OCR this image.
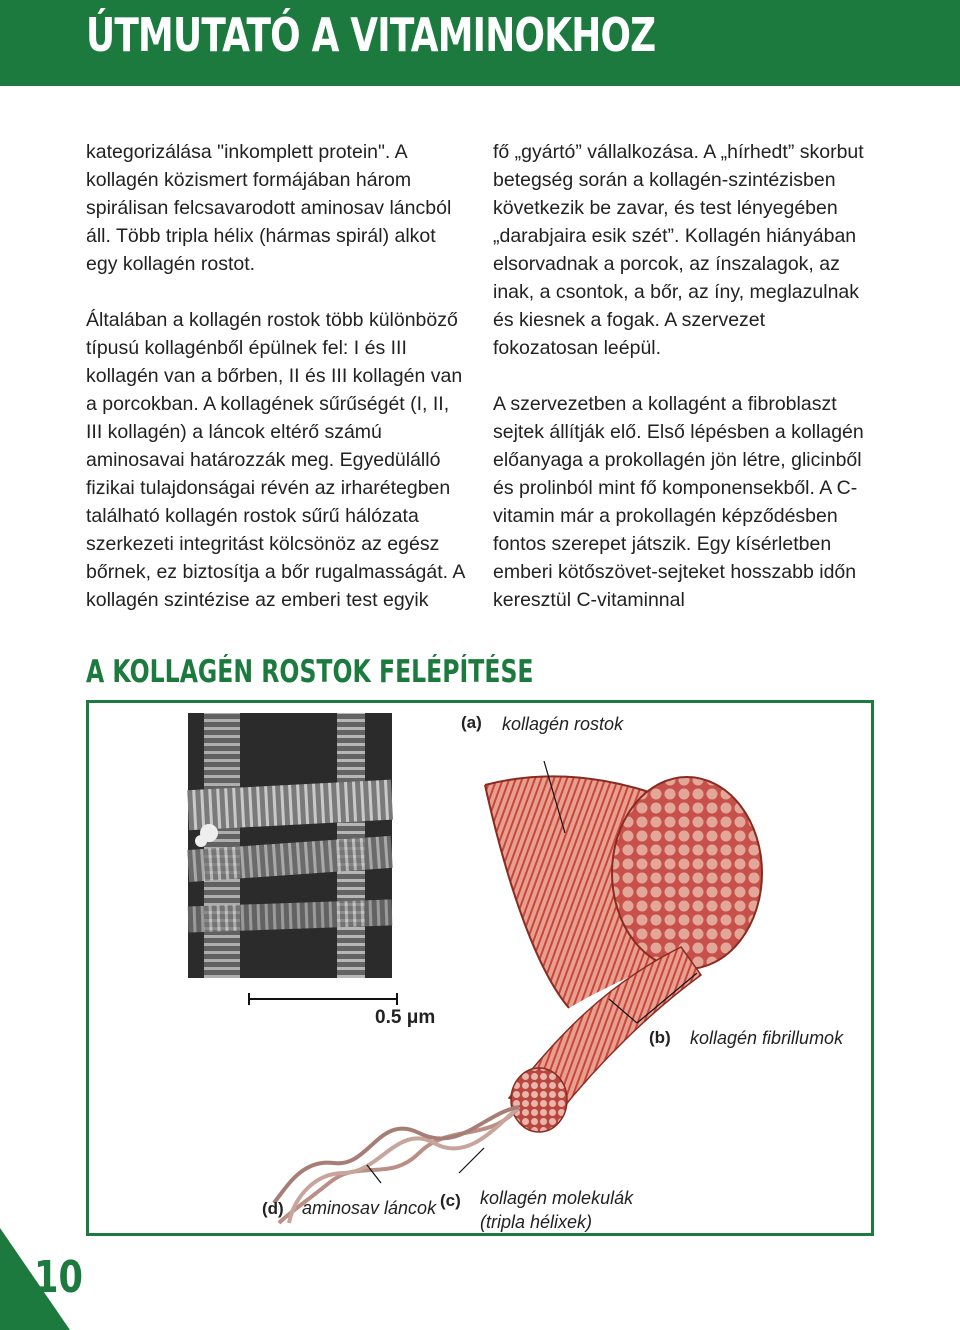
ÚTMUTATÓ A VITAMINOKHOZ

kategorizálása "inkomplett protein". A kollagén közismert formájában három spirálisan felcsavarodott aminosav láncból áll. Több tripla hélix (hármas spirál) alkot egy kollagén rostot.

Általában a kollagén rostok több különböző típusú kollagénből épülnek fel: I és III kollagén van a bőrben, II és III kollagén van a porcokban. A kollagének sűrűségét (I, II, III kollagén) a láncok eltérő számú aminosavai határozzák meg. Egyedülálló fizikai tulajdonságai révén az irharétegben található kollagén rostok sűrű hálózata szerkezeti integritást kölcsönöz az egész bőrnek, ez biztosítja a bőr rugalmasságát. A kollagén szintézise az emberi test egyik

fő „gyártó” vállalkozása. A „hírhedt” skorbut betegség során a kollagén-szintézisben következik be zavar, és test lényegében „darabjaira esik szét”. Kollagén hiányában elsorvadnak a porcok, az ínszalagok, az inak, a csontok, a bőr, az íny, meglazulnak és kiesnek a fogak. A szervezet fokozatosan leépül.

A szervezetben a kollagént a fibroblaszt sejtek állítják elő. Első lépésben a kollagén előanyaga a prokollagén jön létre, glicinből és prolinból mint fő komponensekből. A C-vitamin már a prokollagén képződésben fontos szerepet játszik. Egy kísérletben emberi kötőszövet-sejteket hosszabb időn keresztül C-vitaminnal

A KOLLAGÉN ROSTOK FELÉPÍTÉSE
0.5 μm
(a) kollagén rostok
(b) kollagén fibrillumok
(c) kollagén molekulák
(tripla hélixek)
(d) aminosav láncok
10
